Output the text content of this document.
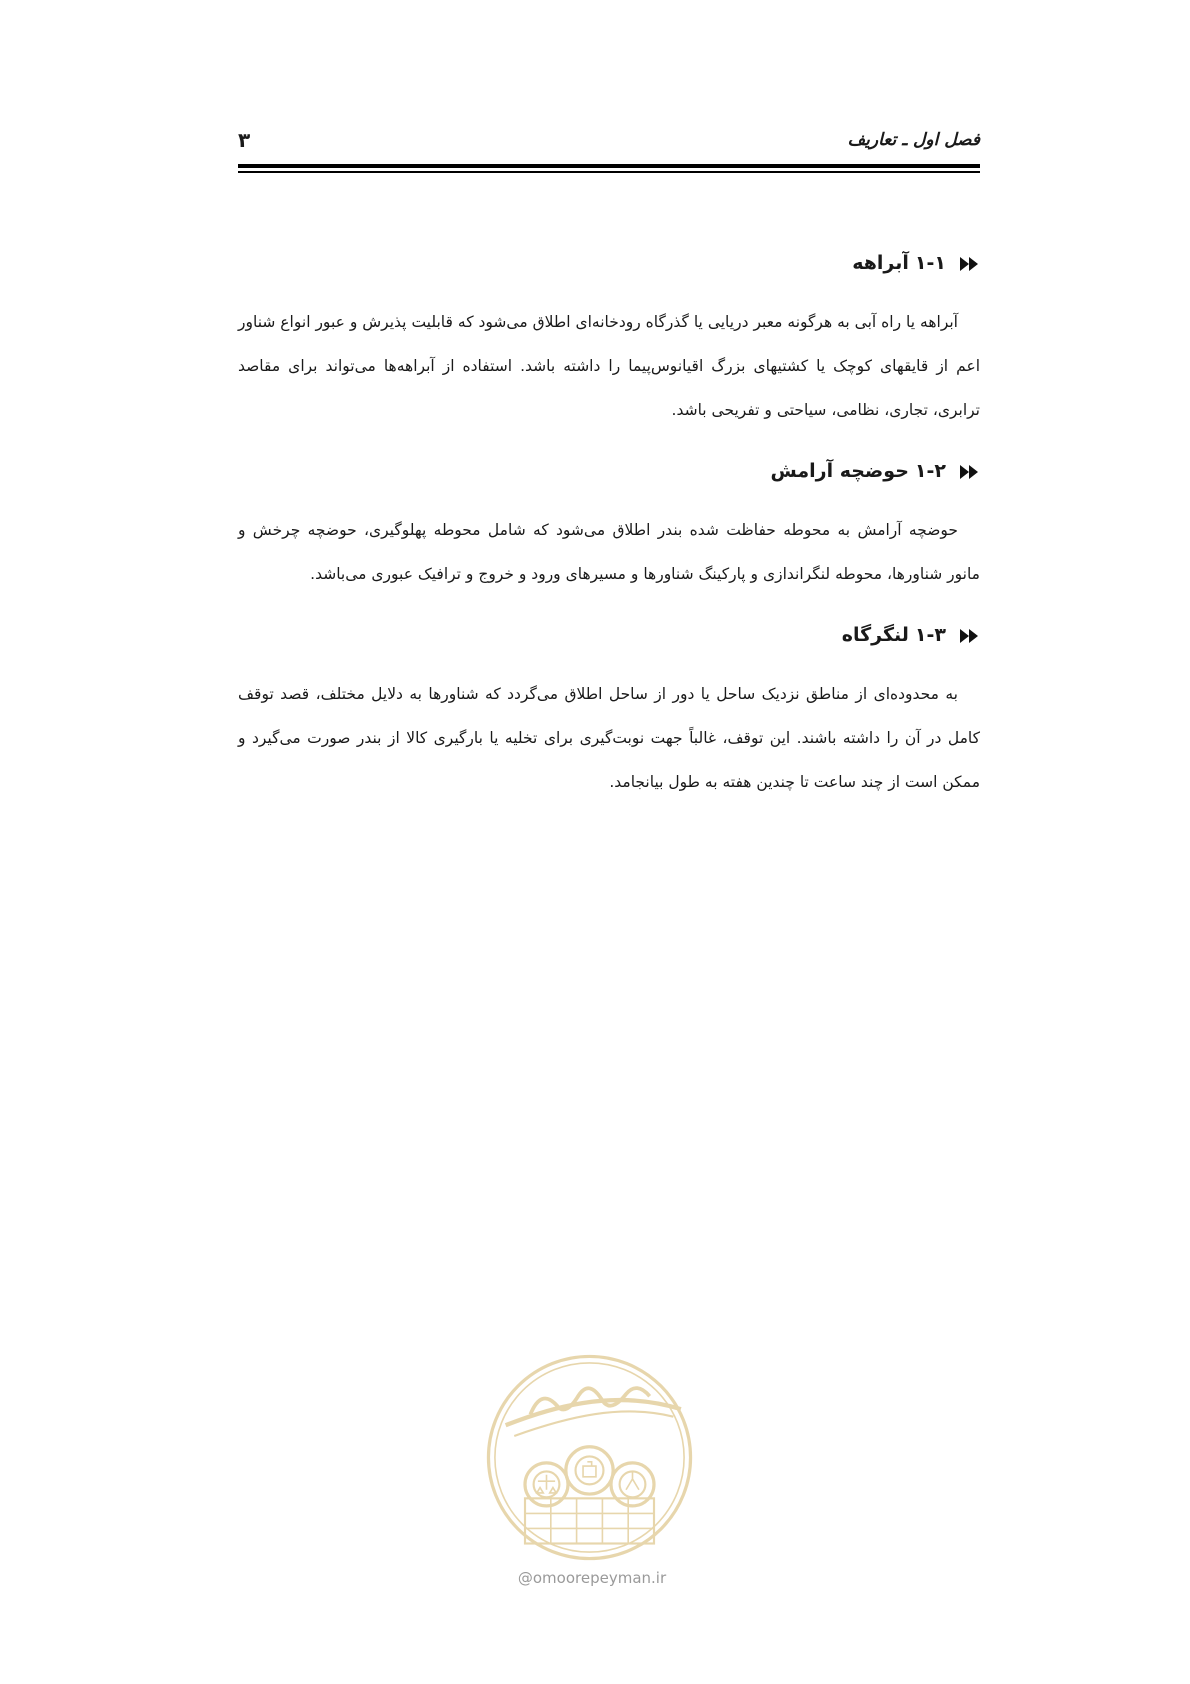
فصل اول ـ تعاریف
۳
۱-۱آبراهه

آبراهه یا راه آبی به هرگونه معبر دریایی یا گذرگاه رودخانه‌ای اطلاق می‌شود که قابلیت پذیرش و عبور انواع شناور اعم از قایقهای کوچک یا کشتیهای بزرگ اقیانوس‌پیما را داشته باشد. استفاده از آبراهه‌ها می‌تواند برای مقاصد ترابری، تجاری، نظامی، سیاحتی و تفریحی باشد.

۱-۲حوضچه آرامش

حوضچه آرامش به محوطه حفاظت شده بندر اطلاق می‌شود که شامل محوطه پهلوگیری، حوضچه چرخش و مانور شناورها، محوطه لنگراندازی و پارکینگ شناورها و مسیرهای ورود و خروج و ترافیک عبوری می‌باشد.

۱-۳لنگرگاه

به محدوده‌ای از مناطق نزدیک ساحل یا دور از ساحل اطلاق می‌گردد که شناورها به دلایل مختلف، قصد توقف کامل در آن را داشته باشند. این توقف، غالباً جهت نوبت‌گیری برای تخلیه یا بارگیری کالا از بندر صورت می‌گیرد و ممکن است از چند ساعت تا چندین هفته به طول بیانجامد.

@omoorepeyman.ir
